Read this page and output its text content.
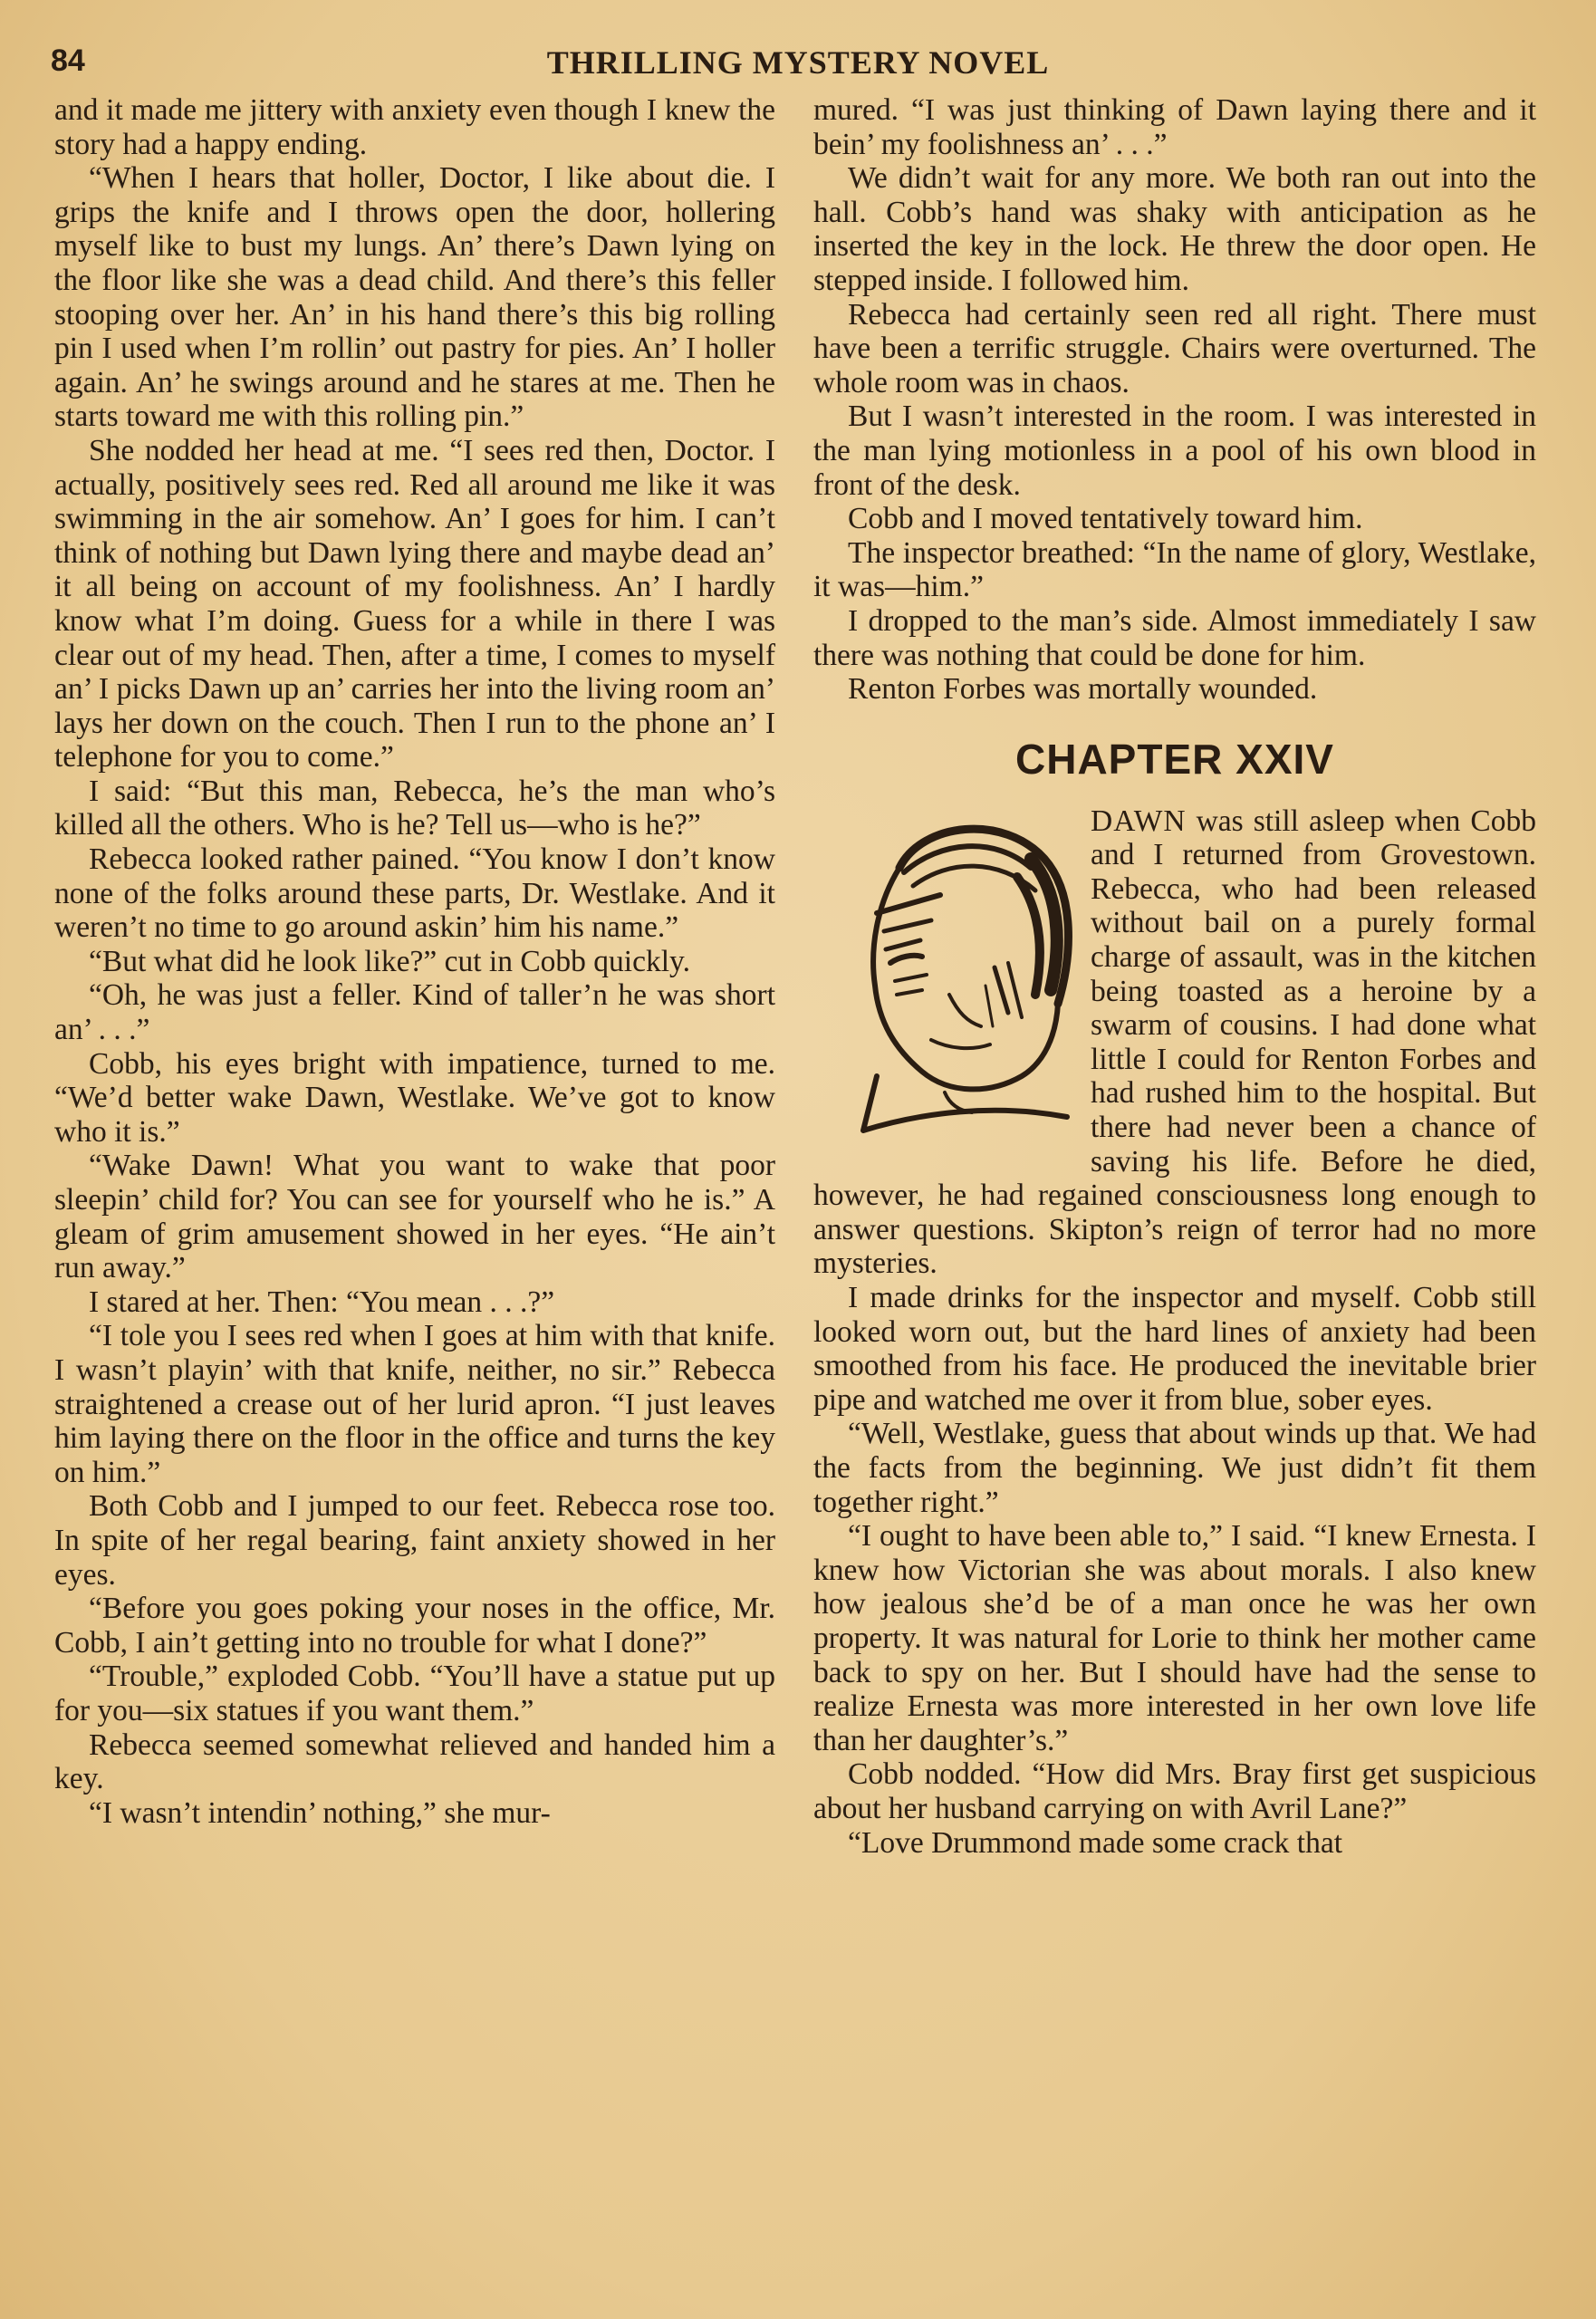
84	THRILLING MYSTERY NOVEL

and it made me jittery with anxiety even though I knew the story had a happy ending.

“When I hears that holler, Doctor, I like about die. I grips the knife and I throws open the door, hollering myself like to bust my lungs. An’ there’s Dawn lying on the floor like she was a dead child. And there’s this feller stooping over her. An’ in his hand there’s this big rolling pin I used when I’m rollin’ out pastry for pies. An’ I holler again. An’ he swings around and he stares at me. Then he starts toward me with this rolling pin.”

She nodded her head at me. “I sees red then, Doctor. I actually, positively sees red. Red all around me like it was swimming in the air somehow. An’ I goes for him. I can’t think of nothing but Dawn lying there and maybe dead an’ it all being on account of my foolishness. An’ I hardly know what I’m doing. Guess for a while in there I was clear out of my head. Then, after a time, I comes to myself an’ I picks Dawn up an’ carries her into the living room an’ lays her down on the couch. Then I run to the phone an’ I telephone for you to come.”

I said: “But this man, Rebecca, he’s the man who’s killed all the others. Who is he? Tell us—who is he?”

Rebecca looked rather pained. “You know I don’t know none of the folks around these parts, Dr. Westlake. And it weren’t no time to go around askin’ him his name.”

“But what did he look like?” cut in Cobb quickly.

“Oh, he was just a feller. Kind of taller’n he was short an’ . . .”

Cobb, his eyes bright with impatience, turned to me. “We’d better wake Dawn, Westlake. We’ve got to know who it is.”

“Wake Dawn! What you want to wake that poor sleepin’ child for? You can see for yourself who he is.” A gleam of grim amusement showed in her eyes. “He ain’t run away.”

I stared at her. Then: “You mean . . .?”

“I tole you I sees red when I goes at him with that knife. I wasn’t playin’ with that knife, neither, no sir.” Rebecca straightened a crease out of her lurid apron. “I just leaves him laying there on the floor in the office and turns the key on him.”

Both Cobb and I jumped to our feet. Rebecca rose too. In spite of her regal bearing, faint anxiety showed in her eyes.

“Before you goes poking your noses in the office, Mr. Cobb, I ain’t getting into no trouble for what I done?”

“Trouble,” exploded Cobb. “You’ll have a statue put up for you—six statues if you want them.”

Rebecca seemed somewhat relieved and handed him a key.

“I wasn’t intendin’ nothing,” she mur-

mured. “I was just thinking of Dawn laying there and it bein’ my foolishness an’ . . .”

We didn’t wait for any more. We both ran out into the hall. Cobb’s hand was shaky with anticipation as he inserted the key in the lock. He threw the door open. He stepped inside. I followed him.

Rebecca had certainly seen red all right. There must have been a terrific struggle. Chairs were overturned. The whole room was in chaos.

But I wasn’t interested in the room. I was interested in the man lying motionless in a pool of his own blood in front of the desk.

Cobb and I moved tentatively toward him.

The inspector breathed: “In the name of glory, Westlake, it was—him.”

I dropped to the man’s side. Almost immediately I saw there was nothing that could be done for him.

Renton Forbes was mortally wounded.

CHAPTER XXIV

DAWN was still asleep when Cobb and I returned from Grovestown. Rebecca, who had been released without bail on a purely formal charge of assault, was in the kitchen being toasted as a heroine by a swarm of cousins. I had done what little I could for Renton Forbes and had rushed him to the hospital. But there had never been a chance of saving his life. Before he died, however, he had regained consciousness long enough to answer questions. Skipton’s reign of terror had no more mysteries.

I made drinks for the inspector and myself. Cobb still looked worn out, but the hard lines of anxiety had been smoothed from his face. He produced the inevitable brier pipe and watched me over it from blue, sober eyes.

“Well, Westlake, guess that about winds up that. We had the facts from the beginning. We just didn’t fit them together right.”

“I ought to have been able to,” I said. “I knew Ernesta. I knew how Victorian she was about morals. I also knew how jealous she’d be of a man once he was her own property. It was natural for Lorie to think her mother came back to spy on her. But I should have had the sense to realize Ernesta was more interested in her own love life than her daughter’s.”

Cobb nodded. “How did Mrs. Bray first get suspicious about her husband carrying on with Avril Lane?”

“Love Drummond made some crack that
